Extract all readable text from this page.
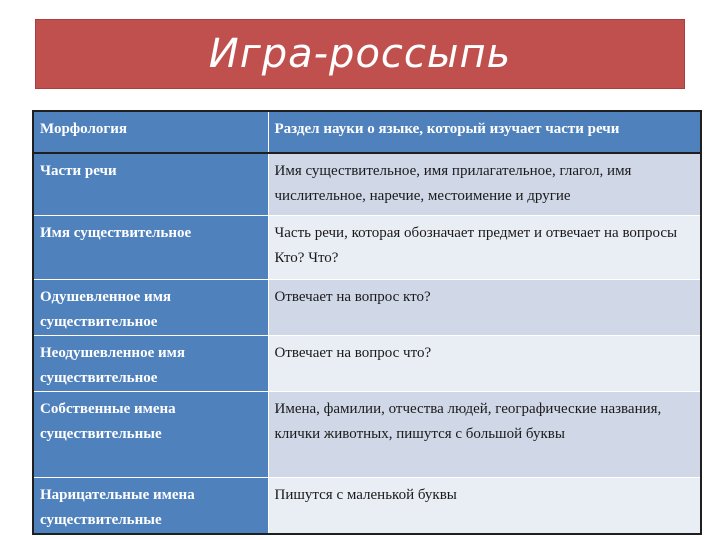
Игра-россыпь
Морфология	Раздел науки о языке, который изучает части речи
Части речи	Имя существительное, имя прилагательное, глагол, имя числительное, наречие, местоимение и другие
Имя существительное	Часть речи, которая обозначает предмет и отвечает на вопросы Кто? Что?
Одушевленное имя существительное	Отвечает на вопрос кто?
Неодушевленное имя существительное	Отвечает на вопрос что?
Собственные имена существительные	Имена, фамилии, отчества людей, географические названия, клички животных, пишутся с большой буквы
Нарицательные имена существительные	Пишутся с маленькой буквы
